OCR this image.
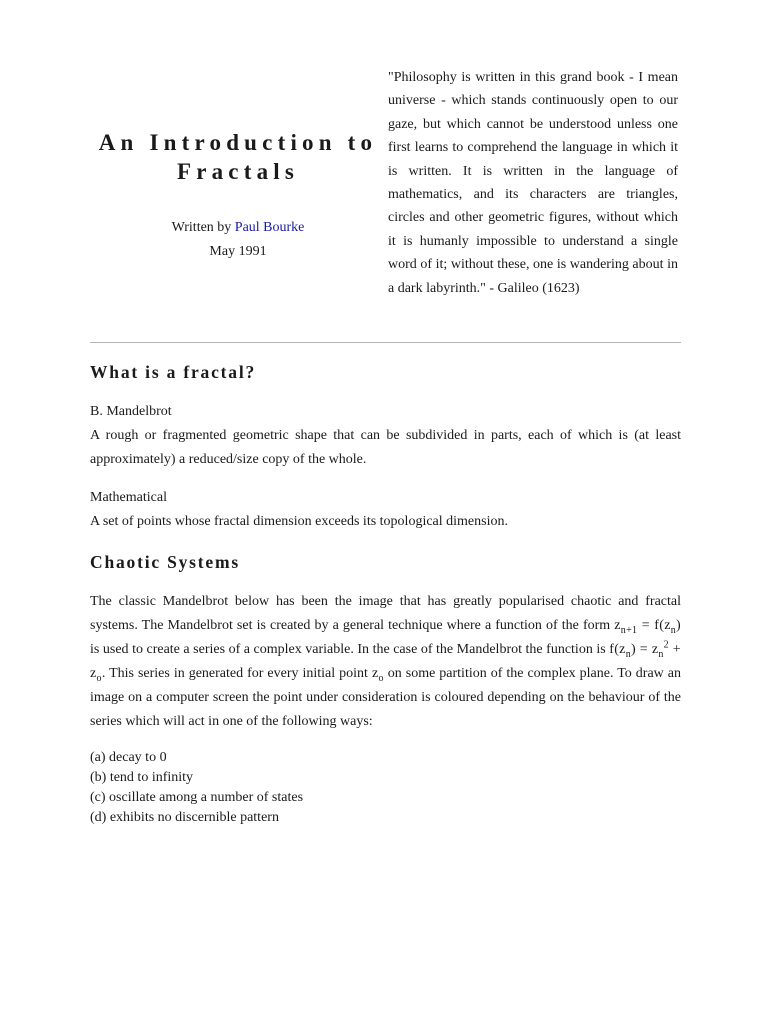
An Introduction to
Fractals
Written by Paul Bourke
May 1991

"Philosophy is written in this grand book - I mean universe - which stands continuously open to our gaze, but which cannot be understood unless one first learns to comprehend the language in which it is written. It is written in the language of mathematics, and its characters are triangles, circles and other geometric figures, without which it is humanly impossible to understand a single word of it; without these, one is wandering about in a dark labyrinth." - Galileo (1623)

What is a fractal?

B. Mandelbrot

A rough or fragmented geometric shape that can be subdivided in parts, each of which is (at least approximately) a reduced/size copy of the whole.

Mathematical

A set of points whose fractal dimension exceeds its topological dimension.

Chaotic Systems

The classic Mandelbrot below has been the image that has greatly popularised chaotic and fractal systems. The Mandelbrot set is created by a general technique where a function of the form $z_{n+1} = f(z_n)$ is used to create a series of a complex variable. In the case of the Mandelbrot the function is $f(z_n) = z_n^2 + z_o$. This series in generated for every initial point $z_o$ on some partition of the complex plane. To draw an image on a computer screen the point under consideration is coloured depending on the behaviour of the series which will act in one of the following ways:

(a) decay to 0
(b) tend to infinity
(c) oscillate among a number of states
(d) exhibits no discernible pattern
